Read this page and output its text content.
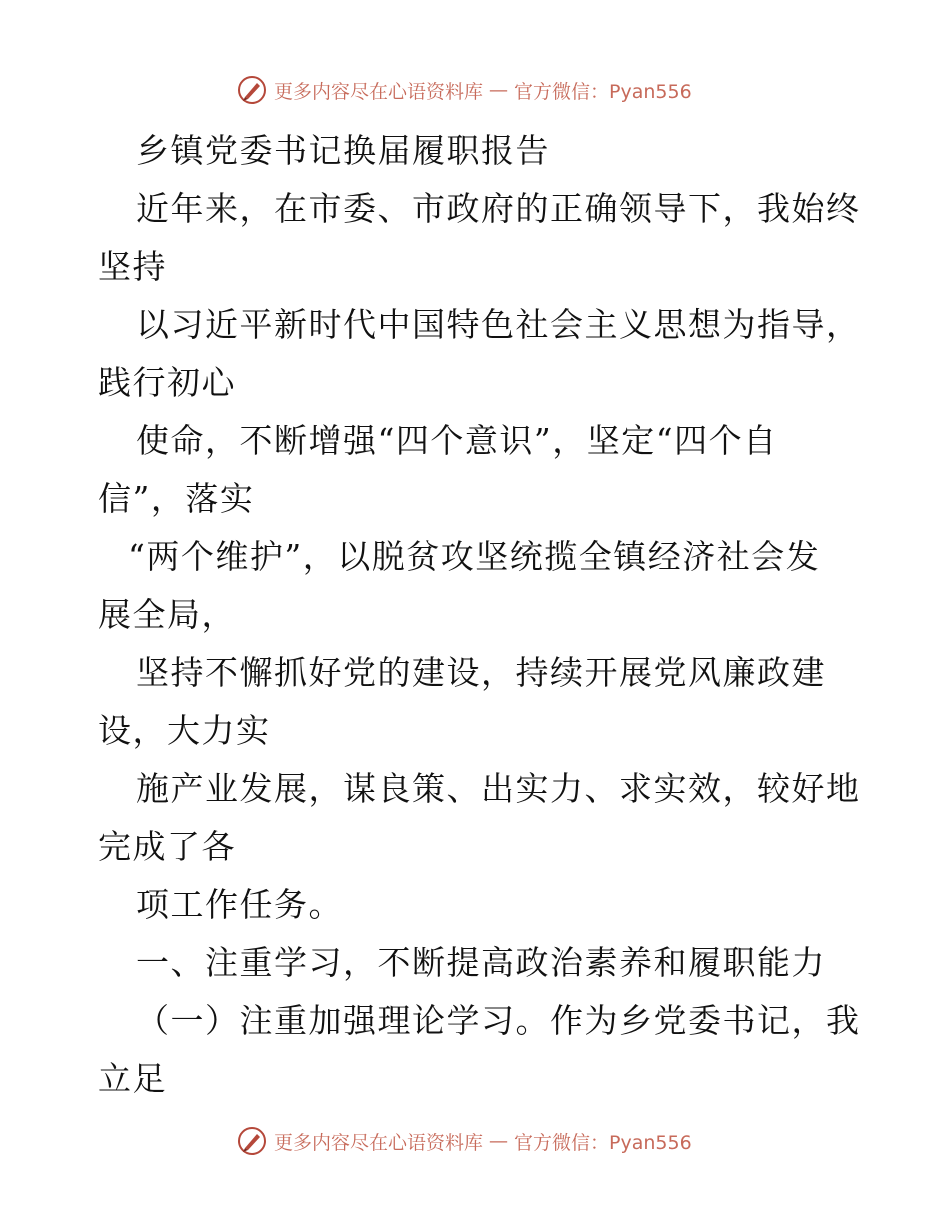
更多内容尽在心语资料库 — 官方微信：Pyan556
乡镇党委书记换届履职报告
近年来，在市委、市政府的正确领导下，我始终
坚持
以习近平新时代中国特色社会主义思想为指导，
践行初心
使命，不断增强“四个意识”，坚定“四个自
信”，落实
“两个维护”，以脱贫攻坚统揽全镇经济社会发
展全局，
坚持不懈抓好党的建设，持续开展党风廉政建
设，大力实
施产业发展，谋良策、出实力、求实效，较好地
完成了各
项工作任务。
一、注重学习，不断提高政治素养和履职能力
（一）注重加强理论学习。作为乡党委书记，我
立足
更多内容尽在心语资料库 — 官方微信：Pyan556
